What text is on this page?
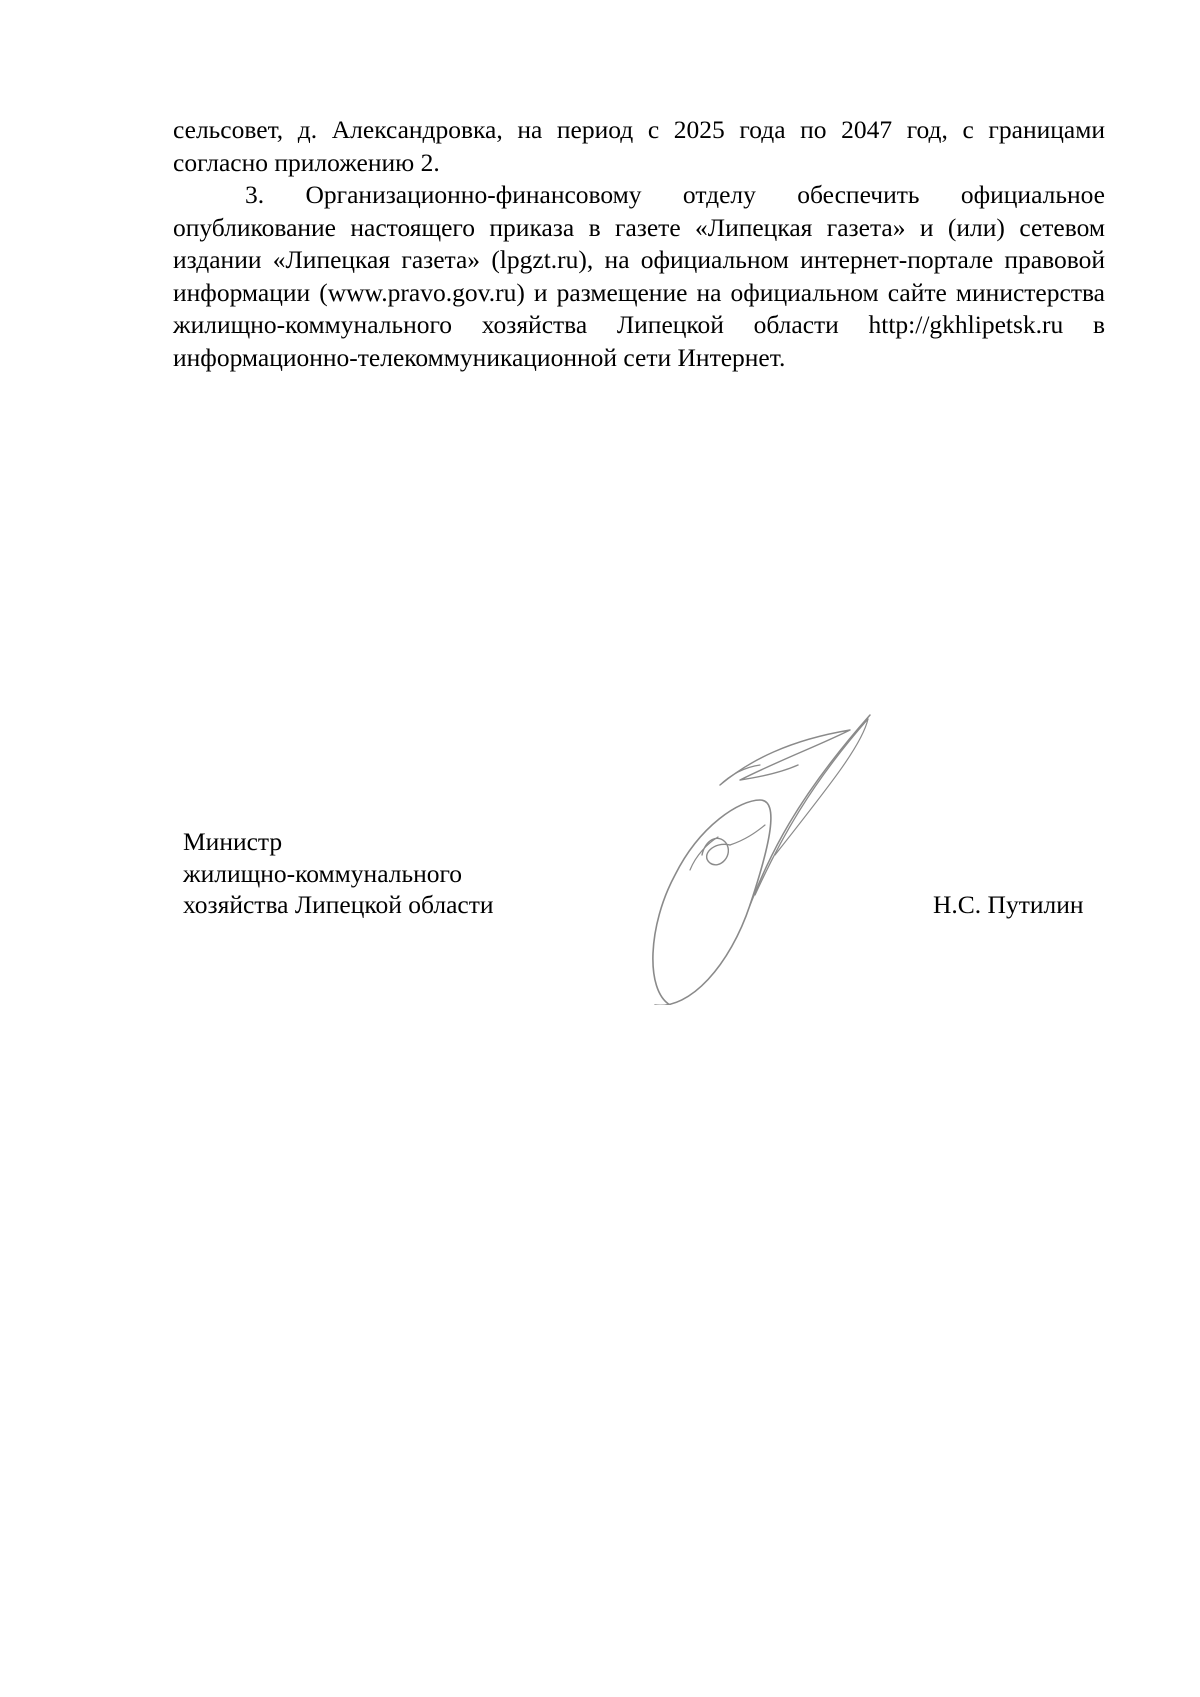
сельсовет, д. Александровка, на период с 2025 года по 2047 год, с границами согласно приложению 2.

3. Организационно-финансовому отделу обеспечить официальное опубликование настоящего приказа в газете «Липецкая газета» и (или) сетевом издании «Липецкая газета» (lpgzt.ru), на официальном интернет-портале правовой информации (www.pravo.gov.ru) и размещение на официальном сайте министерства жилищно-коммунального хозяйства Липецкой области http://gkhlipetsk.ru в информационно-телекоммуникационной сети Интернет.

Министр
жилищно-коммунального
хозяйства Липецкой области	Н.С. Путилин
